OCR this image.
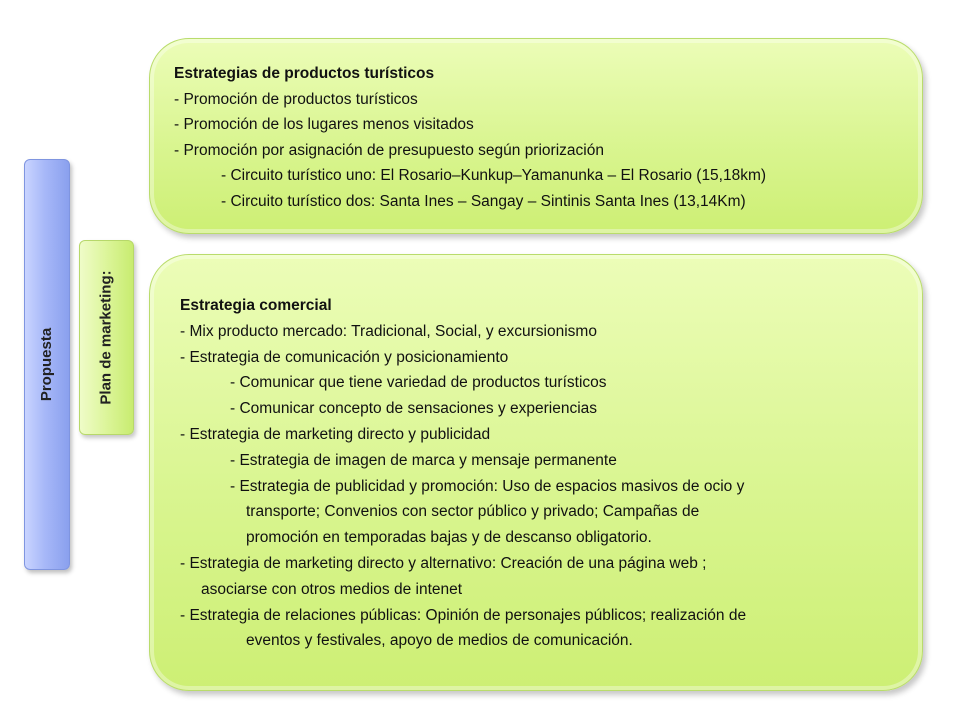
Propuesta	Plan de marketing:
Estrategias de productos turísticos
- Promoción de productos turísticos
- Promoción de los lugares menos visitados
- Promoción por asignación de presupuesto según priorización
- Circuito turístico uno: El Rosario–Kunkup–Yamanunka – El Rosario (15,18km)
- Circuito turístico dos: Santa Ines – Sangay – Sintinis Santa Ines (13,14Km)
Estrategia comercial
- Mix producto mercado: Tradicional, Social, y excursionismo
- Estrategia de comunicación y posicionamiento
- Comunicar que tiene variedad de productos turísticos
- Comunicar concepto de sensaciones y experiencias
- Estrategia de marketing directo y publicidad
- Estrategia de imagen de marca y mensaje permanente
- Estrategia de publicidad y promoción: Uso de espacios masivos de ocio y
transporte; Convenios con sector público y privado; Campañas de
promoción en temporadas bajas y de descanso obligatorio.
- Estrategia de marketing directo y alternativo: Creación de una página web ;
asociarse con otros medios de intenet
- Estrategia de relaciones públicas: Opinión de personajes públicos; realización de
eventos y festivales, apoyo de medios de comunicación.
